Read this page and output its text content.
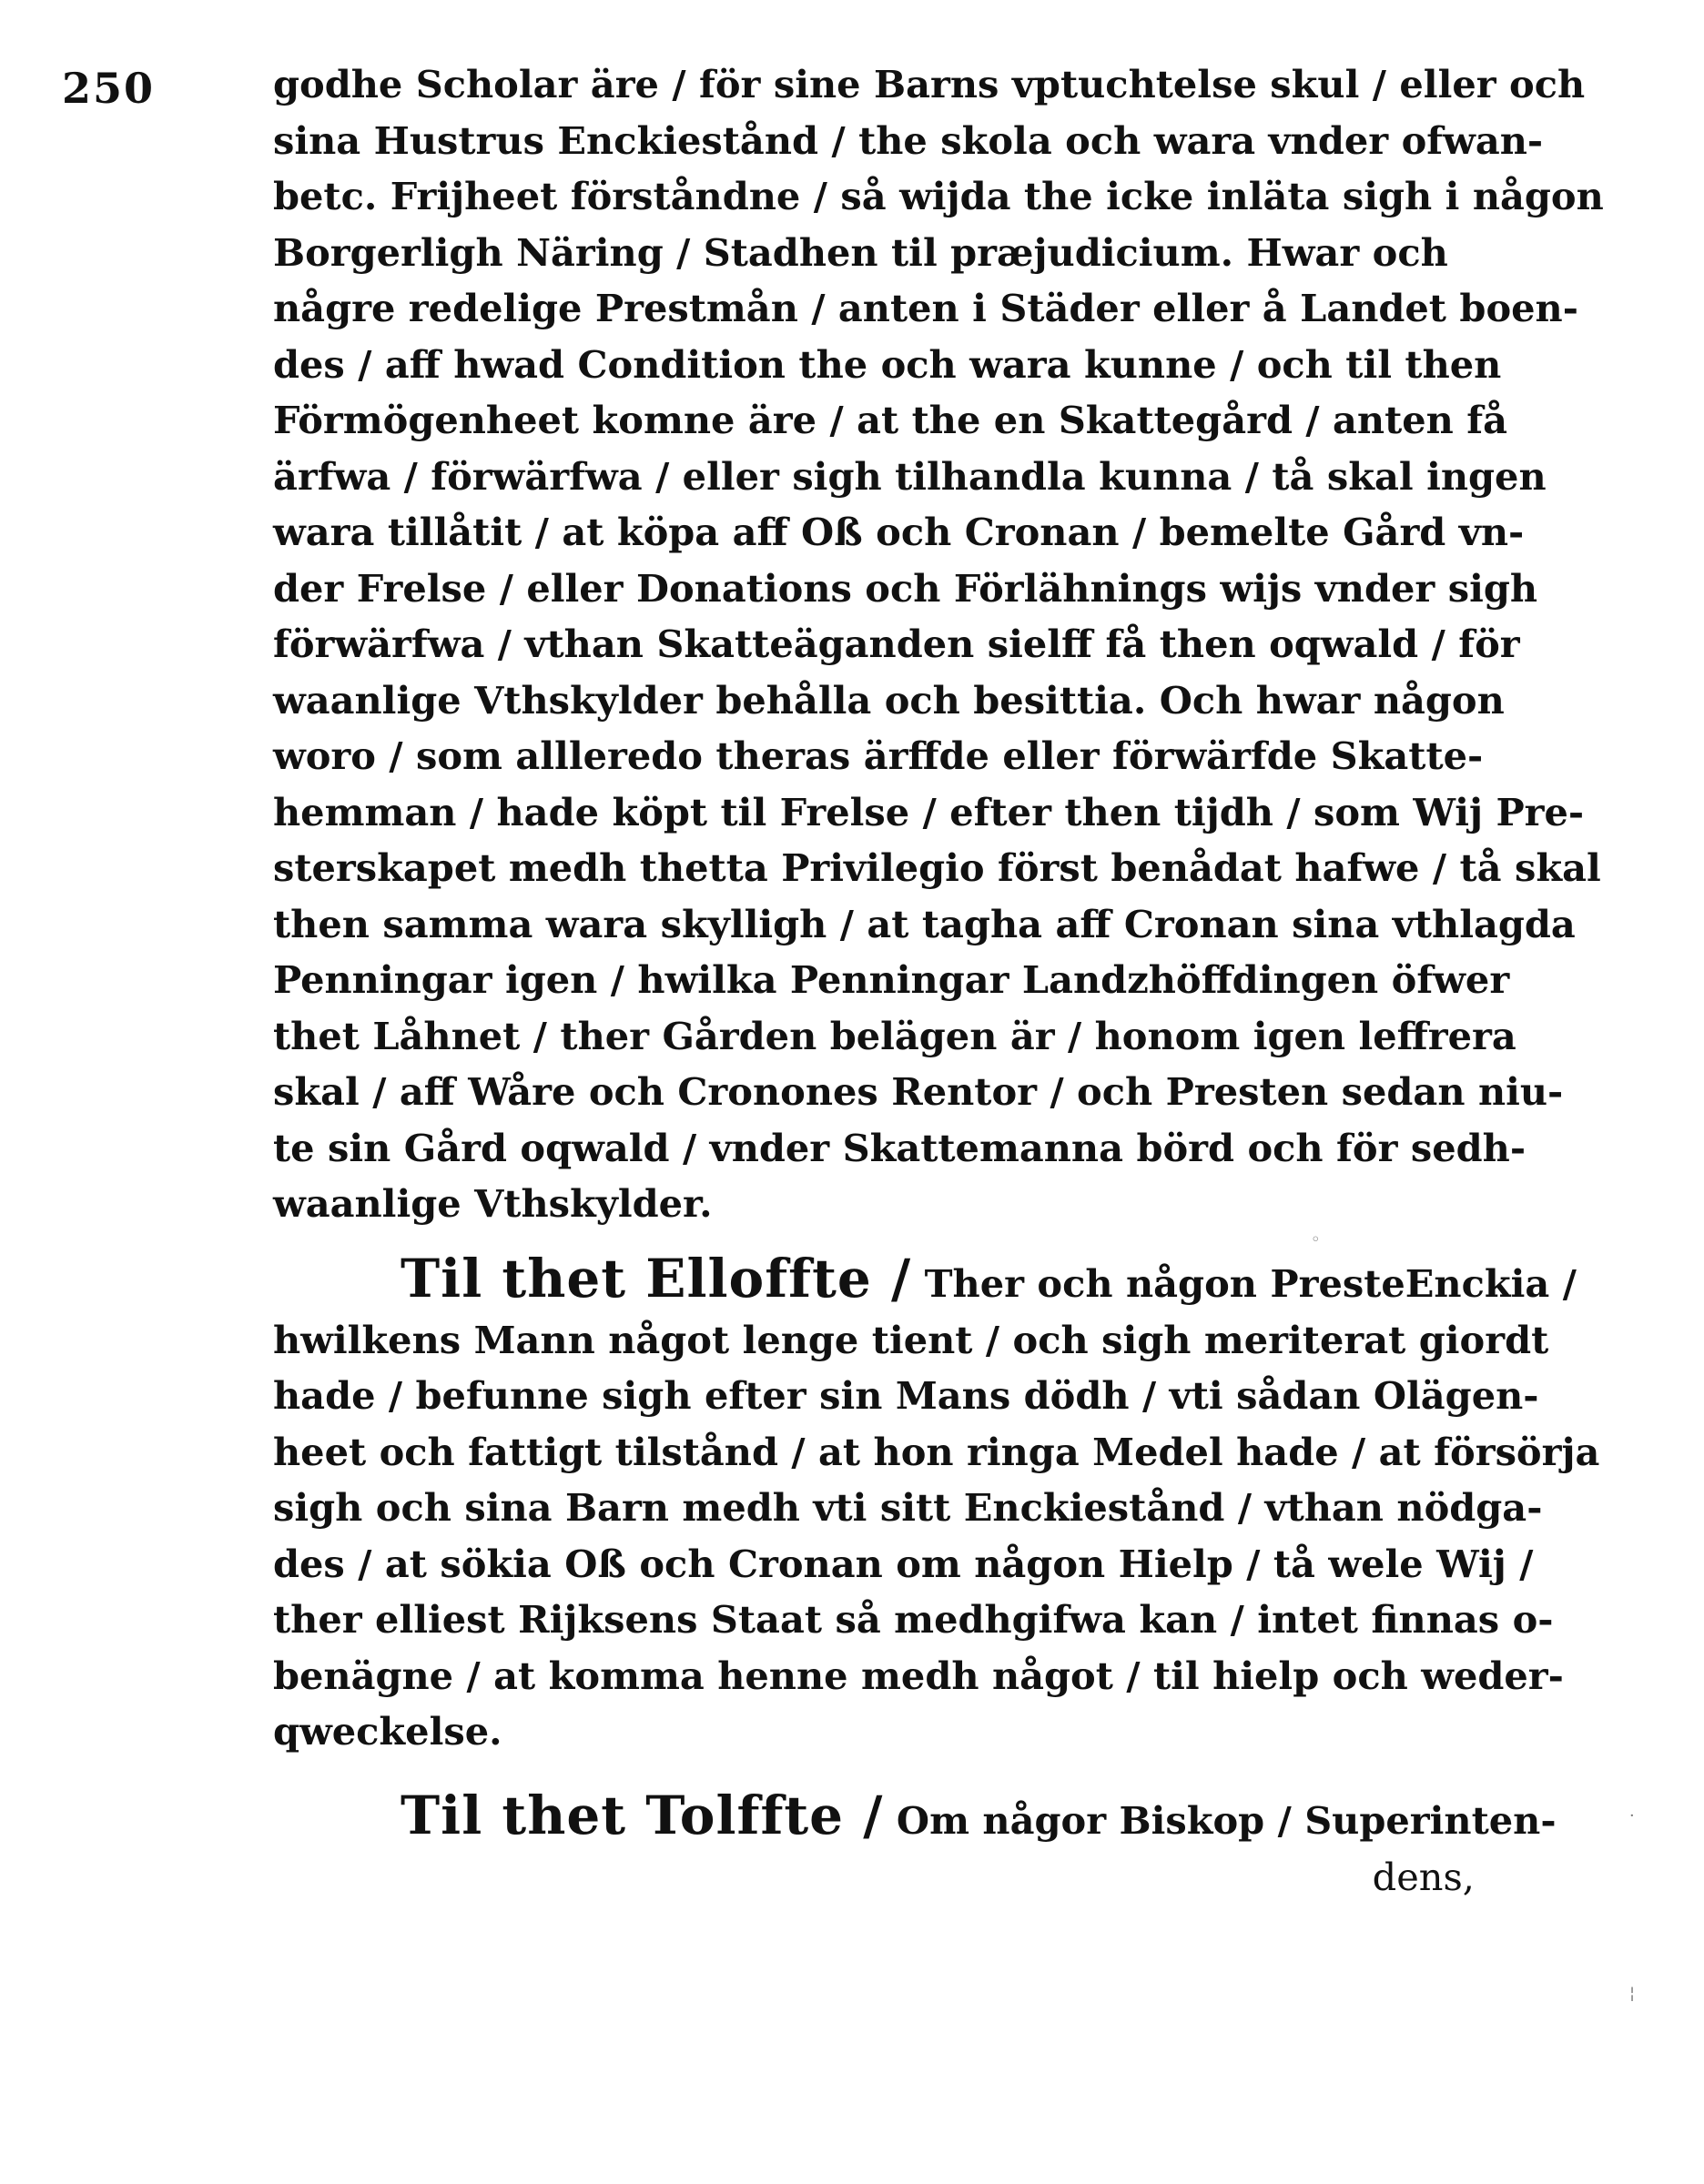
250	godhe Scholar äre / för sine Barns vptuchtelse skul / eller och
sina Hustrus Enckiestånd / the skola och wara vnder ofwan-
betc. Frijheet förståndne / så wijda the icke inläta sigh i någon
Borgerligh Näring / Stadhen til præjudicium. Hwar och
någre redelige Prestmån / anten i Städer eller å Landet boen-
des / aff hwad Condition the och wara kunne / och til then
Förmögenheet komne äre / at the en Skattegård / anten få
ärfwa / förwärfwa / eller sigh tilhandla kunna / tå skal ingen
wara tillåtit / at köpa aff Oß och Cronan / bemelte Gård vn-
der Frelse / eller Donations och Förlähnings wijs vnder sigh
förwärfwa / vthan Skatteäganden sielff få then oqwald / för
waanlige Vthskylder behålla och besittia. Och hwar någon
woro / som allleredo theras ärffde eller förwärfde Skatte-
hemman / hade köpt til Frelse / efter then tijdh / som Wij Pre-
sterskapet medh thetta Privilegio först benådat hafwe / tå skal
then samma wara skylligh / at tagha aff Cronan sina vthlagda
Penningar igen / hwilka Penningar Landzhöffdingen öfwer
thet Låhnet / ther Gården belägen är / honom igen leffrera
skal / aff Wåre och Cronones Rentor / och Presten sedan niu-
te sin Gård oqwald / vnder Skattemanna börd och för sedh-
waanlige Vthskylder.
Til thet Elloffte / Ther och någon PresteEnckia /
hwilkens Mann något lenge tient / och sigh meriterat giordt
hade / befunne sigh efter sin Mans dödh / vti sådan Olägen-
heet och fattigt tilstånd / at hon ringa Medel hade / at försörja
sigh och sina Barn medh vti sitt Enckiestånd / vthan nödga-
des / at sökia Oß och Cronan om någon Hielp / tå wele Wij /
ther elliest Rijksens Staat så medhgifwa kan / intet finnas o-
benägne / at komma henne medh något / til hielp och weder-
qweckelse.
Til thet Tolffte / Om någor Biskop / Superinten-
dens,
◦
·
¦
